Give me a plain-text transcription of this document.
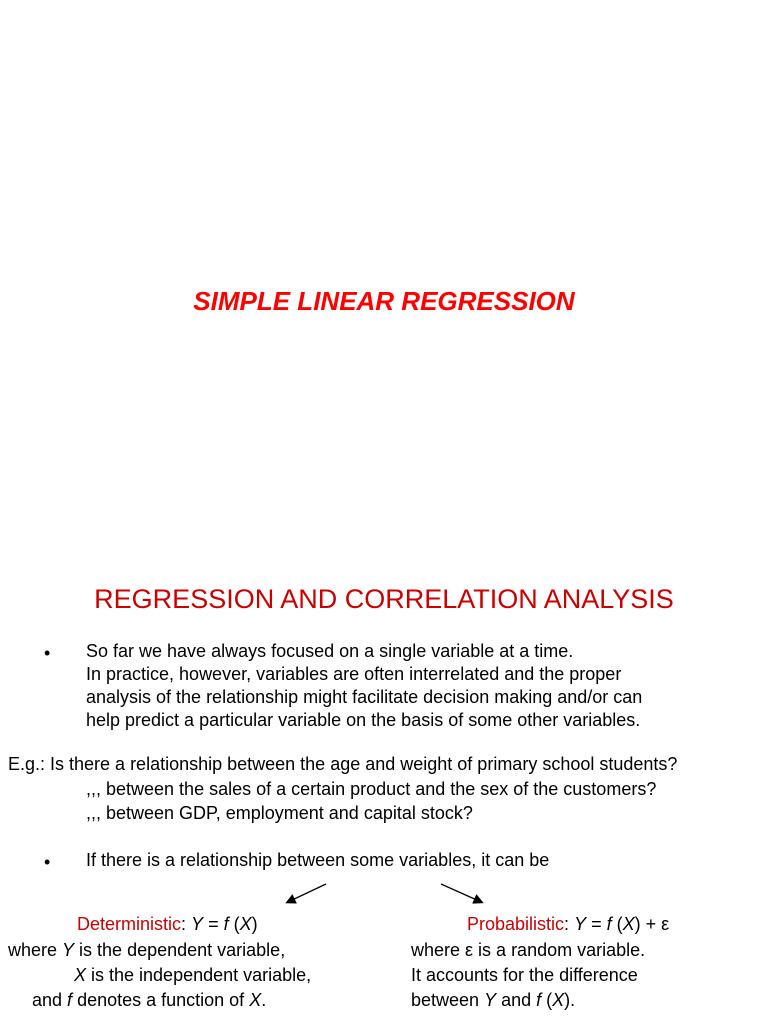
SIMPLE LINEAR REGRESSION
REGRESSION AND CORRELATION ANALYSIS
• So far we have always focused on a single variable at a time.
In practice, however, variables are often interrelated and the proper
analysis of the relationship might facilitate decision making and/or can
help predict a particular variable on the basis of some other variables.
E.g.: Is there a relationship between the age and weight of primary school students?
,,, between the sales of a certain product and the sex of the customers?
,,, between GDP, employment and capital stock?
• If there is a relationship between some variables, it can be
Deterministic: Y = f (X)
where Y is the dependent variable,
X is the independent variable,
and f denotes a function of X.
Probabilistic: Y = f (X) + ε
where ε is a random variable.
It accounts for the difference
between Y and f (X).
